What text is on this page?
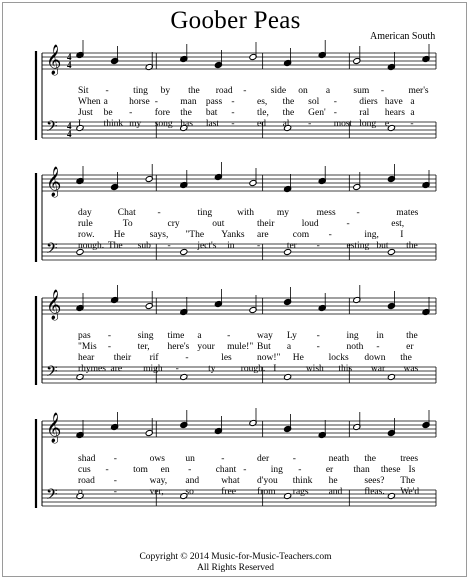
Goober Peas
American South
𝄞
𝄢
4
4
4
4
𝄞
𝄢
𝄞
𝄢
𝄞
𝄢
Sit -	ting by the road -	side on a sum -	mer's
When a horse - man pass - es, the sol - diers have a
Just be - fore the bat - tle, the Gen' - ral hears a
I think my song has last - ed al - most long e -
day	Chat -	ting	with my	mess -	mates
rule	To	cry	out	their	loud	-	est,
row. He	says, "The Yanks are	com -	ing, I
nough. The sub -	ject's in -	ter -	esting but the
pas -	sing time a	-	way Ly -	ing in the
"Mis -	ter, here's your mule!" But a	-	noth -	er
hear their rif	-	les	now!" He	locks down the
rhymes are migh -	ty	rough. I	wish this war was
shad -	ows un	-	der -	neath the	trees
cus -	tom en -	chant -	ing -	er than these Is
road -	way, and what d'you think he	sees? The
o	-	ver, so	free from rags and fleas. We'd
Copyright © 2014 Music-for-Music-Teachers.com
All Rights Reserved
